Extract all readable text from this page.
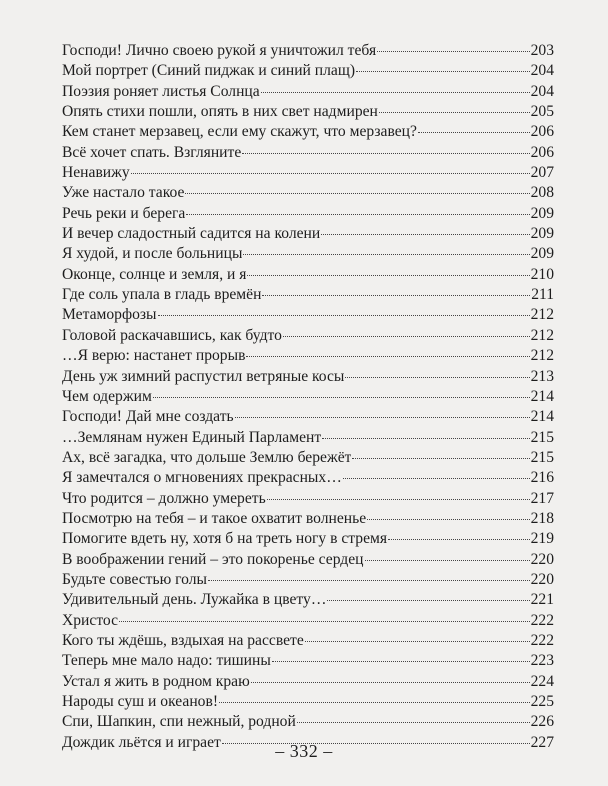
Господи! Лично своею рукой я уничтожил тебя	203
Мой портрет (Синий пиджак и синий плащ)	204
Поэзия роняет листья Солнца	204
Опять стихи пошли, опять в них свет надмирен	205
Кем станет мерзавец, если ему скажут, что мерзавец?	206
Всё хочет спать. Взгляните	206
Ненавижу	207
Уже настало такое	208
Речь реки и берега	209
И вечер сладостный садится на колени	209
Я худой, и после больницы	209
Оконце, солнце и земля, и я	210
Где соль упала в гладь времён	211
Метаморфозы	212
Головой раскачавшись, как будто	212
…Я верю: настанет прорыв	212
День уж зимний распустил ветряные косы	213
Чем одержим	214
Господи! Дай мне создать	214
…Землянам нужен Единый Парламент	215
Ах, всё загадка, что дольше Землю бережёт	215
Я замечтался о мгновениях прекрасных…	216
Что родится – должно умереть	217
Посмотрю на тебя – и такое охватит волненье	218
Помогите вдеть ну, хотя б на треть ногу в стремя	219
В воображении гений – это покоренье сердец	220
Будьте совестью голы	220
Удивительный день. Лужайка в цвету…	221
Христос	222
Кого ты ждёшь, вздыхая на рассвете	222
Теперь мне мало надо: тишины	223
Устал я жить в родном краю	224
Народы суш и океанов!	225
Спи, Шапкин, спи нежный, родной	226
Дождик льётся и играет	227
– 332 –
